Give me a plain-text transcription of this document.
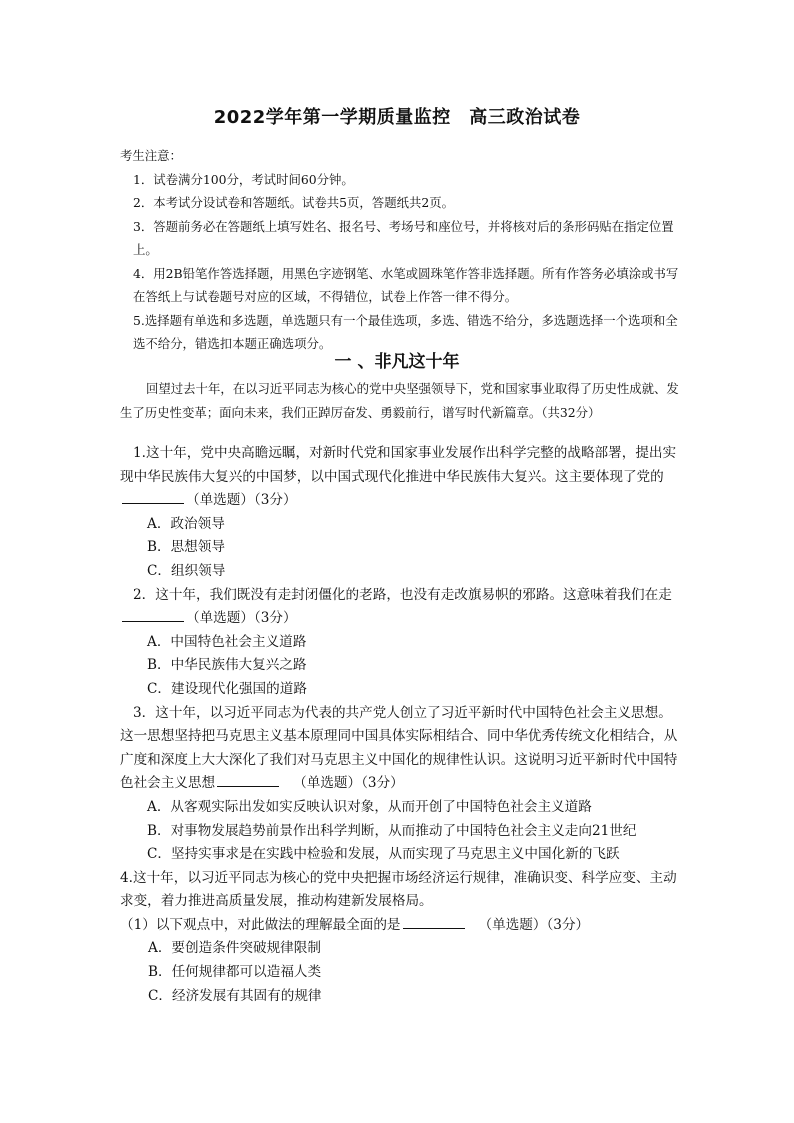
2022学年第一学期质量监控　高三政治试卷

考生注意：

1．试卷满分100分，考试时间60分钟。

2．本考试分设试卷和答题纸。试卷共5页，答题纸共2页。

3．答题前务必在答题纸上填写姓名、报名号、考场号和座位号，并将核对后的条形码贴在指定位置上。

4．用2B铅笔作答选择题，用黑色字迹钢笔、水笔或圆珠笔作答非选择题。所有作答务必填涂或书写在答纸上与试卷题号对应的区域，不得错位，试卷上作答一律不得分。

5.选择题有单选和多选题，单选题只有一个最佳选项，多选、错选不给分，多选题选择一个选项和全选不给分，错选扣本题正确选项分。

一 、非凡这十年

回望过去十年，在以习近平同志为核心的党中央坚强领导下，党和国家事业取得了历史性成就、发生了历史性变革；面向未来，我们正踔厉奋发、勇毅前行，谱写时代新篇章。（共32分）

1.这十年，党中央高瞻远瞩，对新时代党和国家事业发展作出科学完整的战略部署，提出实现中华民族伟大复兴的中国梦，以中国式现代化推进中华民族伟大复兴。这主要体现了党的（单选题）（3分）

A．政治领导

B．思想领导

C．组织领导

2．这十年，我们既没有走封闭僵化的老路，也没有走改旗易帜的邪路。这意味着我们在走（单选题）（3分）

A．中国特色社会主义道路

B．中华民族伟大复兴之路

C．建设现代化强国的道路

3．这十年，以习近平同志为代表的共产党人创立了习近平新时代中国特色社会主义思想。这一思想坚持把马克思主义基本原理同中国具体实际相结合、同中华优秀传统文化相结合，从广度和深度上大大深化了我们对马克思主义中国化的规律性认识。这说明习近平新时代中国特色社会主义思想	（单选题）（3分）

A．从客观实际出发如实反映认识对象，从而开创了中国特色社会主义道路

B．对事物发展趋势前景作出科学判断，从而推动了中国特色社会主义走向21世纪

C．坚持实事求是在实践中检验和发展，从而实现了马克思主义中国化新的飞跃

4.这十年，以习近平同志为核心的党中央把握市场经济运行规律，准确识变、科学应变、主动求变，着力推进高质量发展，推动构建新发展格局。

（1）以下观点中，对此做法的理解最全面的是	（单选题）（3分）

A．要创造条件突破规律限制

B．任何规律都可以造福人类

C．经济发展有其固有的规律
